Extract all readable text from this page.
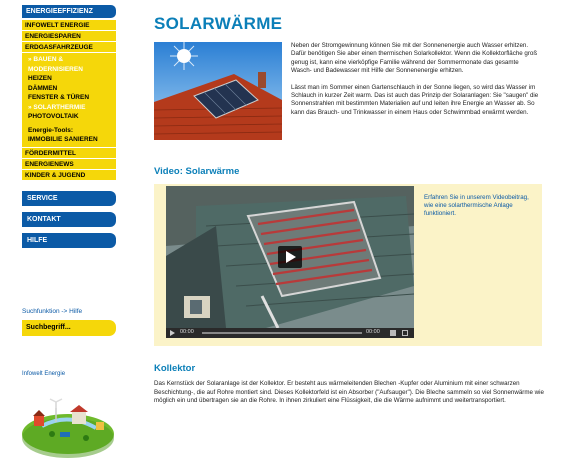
ENERGIEEFFIZIENZ
INFOWELT ENERGIE
ENERGIESPAREN
ERDGASFAHRZEUGE
» BAUEN & MODERNISIEREN
HEIZEN
DÄMMEN
FENSTER & TÜREN
» SOLARTHERMIE
PHOTOVOLTAIK
Energie-Tools:
IMMOBILIE SANIEREN
FÖRDERMITTEL
ENERGIENEWS
KINDER & JUGEND
SERVICE
KONTAKT
HILFE
Suchfunktion -> Hilfe
Suchbegriff...
Infowelt Energie
SOLARWÄRME

Neben der Stromgewinnung können Sie mit der Sonnenenergie auch Wasser erhitzen. Dafür benötigen Sie aber einen thermischen Solarkollektor. Wenn die Kollektorfläche groß genug ist, kann eine vierköpfige Familie während der Sommermonate das gesamte Wasch- und Badewasser mit Hilfe der Sonnenenergie erhitzen.

Lässt man im Sommer einen Gartenschlauch in der Sonne liegen, so wird das Wasser im Schlauch in kurzer Zeit warm. Das ist auch das Prinzip der Solaranlagen: Sie "saugen" die Sonnenstrahlen mit bestimmten Materialien auf und leiten ihre Energie an Wasser ab. So kann das Brauch- und Trinkwasser in einem Haus oder Schwimmbad erwärmt werden.

Video: Solarwärme
00:00	00:00
Erfahren Sie in unserem Videobeitrag, wie eine solarthermische Anlage funktioniert.
Kollektor

Das Kernstück der Solaranlage ist der Kollektor. Er besteht aus wärmeleitenden Blechen -Kupfer oder Aluminium mit einer schwarzen Beschichtung-, die auf Rohre montiert sind. Dieses Kollektorfeld ist ein Absorber ("Aufsauger"). Die Bleche sammeln so viel Sonnenwärme wie möglich ein und übertragen sie an die Rohre. In ihnen zirkuliert eine Flüssigkeit, die die Wärme aufnimmt und weitertransportiert.
